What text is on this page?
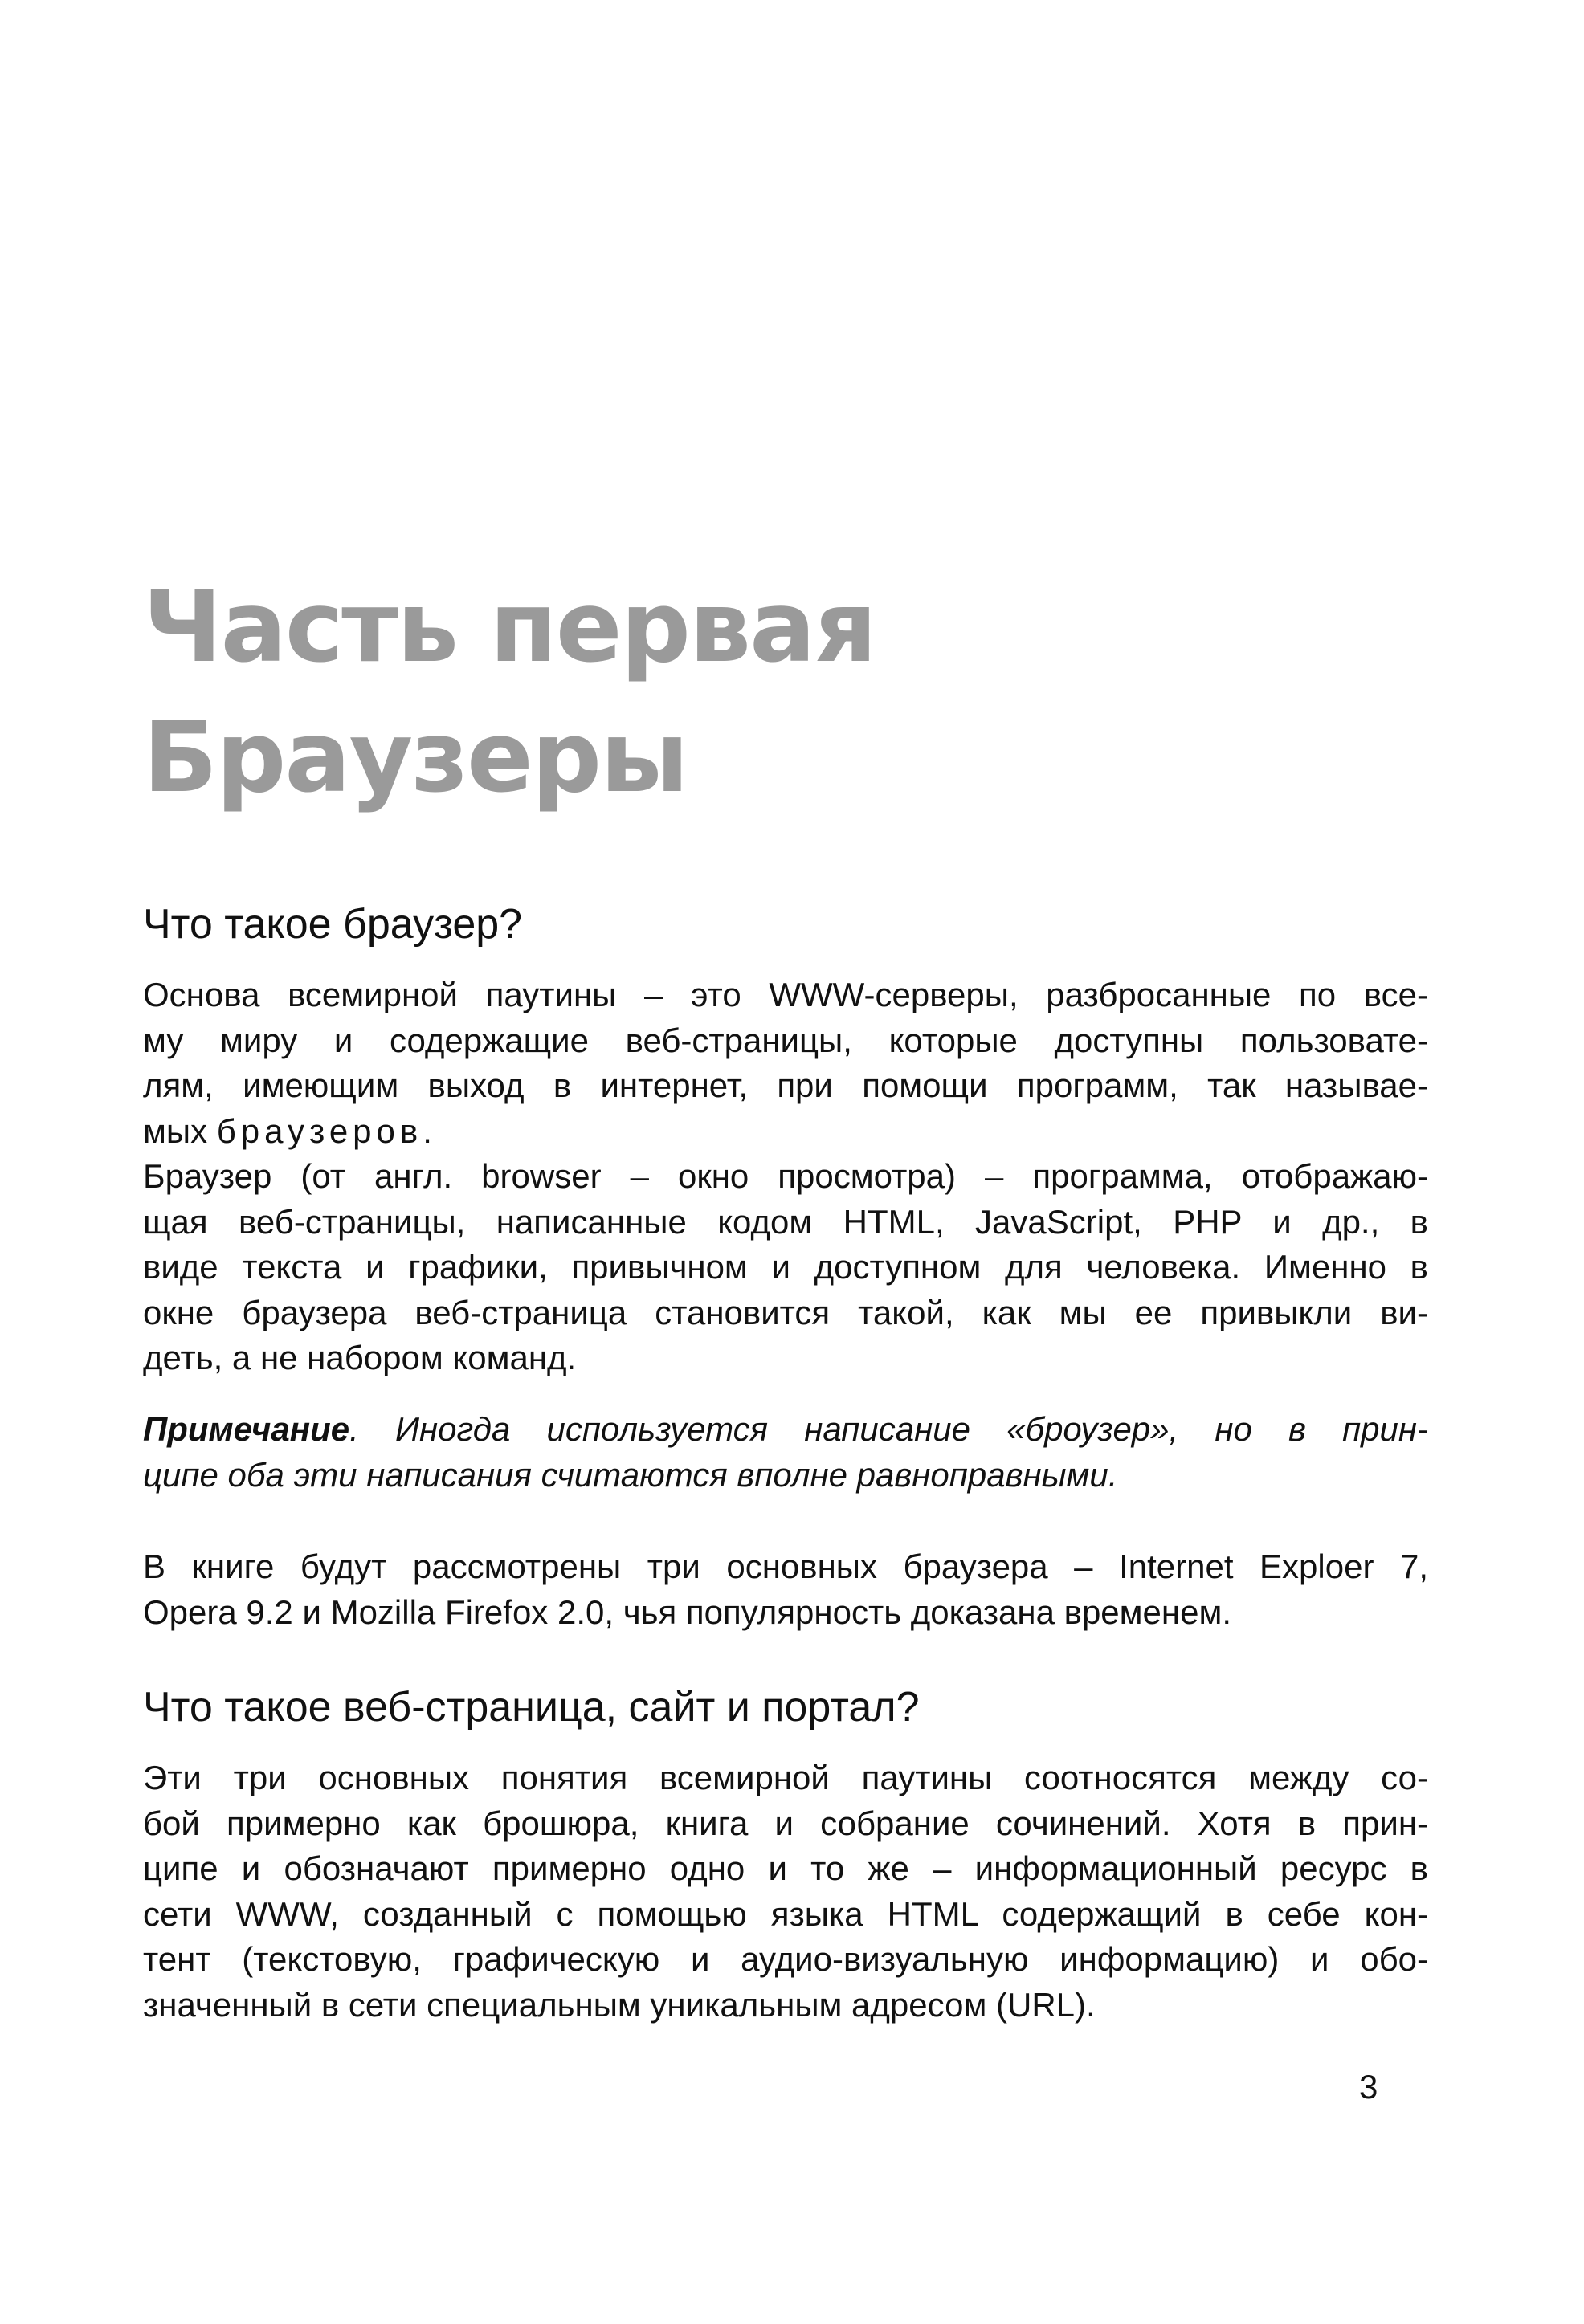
Часть первая
Браузеры
Что такое браузер?

Основа всемирной паутины – это WWW-серверы, разбросанные по все-
му миру и содержащие веб-страницы, которые доступны пользовате-
лям, имеющим выход в интернет, при помощи программ, так называе-
мых браузеров.

Браузер (от англ. browser – окно просмотра) – программа, отображаю-
щая веб-страницы, написанные кодом HTML, JavaScript, PHP и др., в
виде текста и графики, привычном и доступном для человека. Именно в
окне браузера веб-страница становится такой, как мы ее привыкли ви-
деть, а не набором команд.

Примечание. Иногда используется написание «броузер», но в прин-
ципе оба эти написания считаются вполне равноправными.

В книге будут рассмотрены три основных браузера – Internet Exploer 7,
Opera 9.2 и Mozilla Firefox 2.0, чья популярность доказана временем.

Что такое веб-страница, сайт и портал?

Эти три основных понятия всемирной паутины соотносятся между со-
бой примерно как брошюра, книга и собрание сочинений. Хотя в прин-
ципе и обозначают примерно одно и то же – информационный ресурс в
сети WWW, созданный с помощью языка HTML содержащий в себе кон-
тент (текстовую, графическую и аудио-визуальную информацию) и обо-
значенный в сети специальным уникальным адресом (URL).

3
